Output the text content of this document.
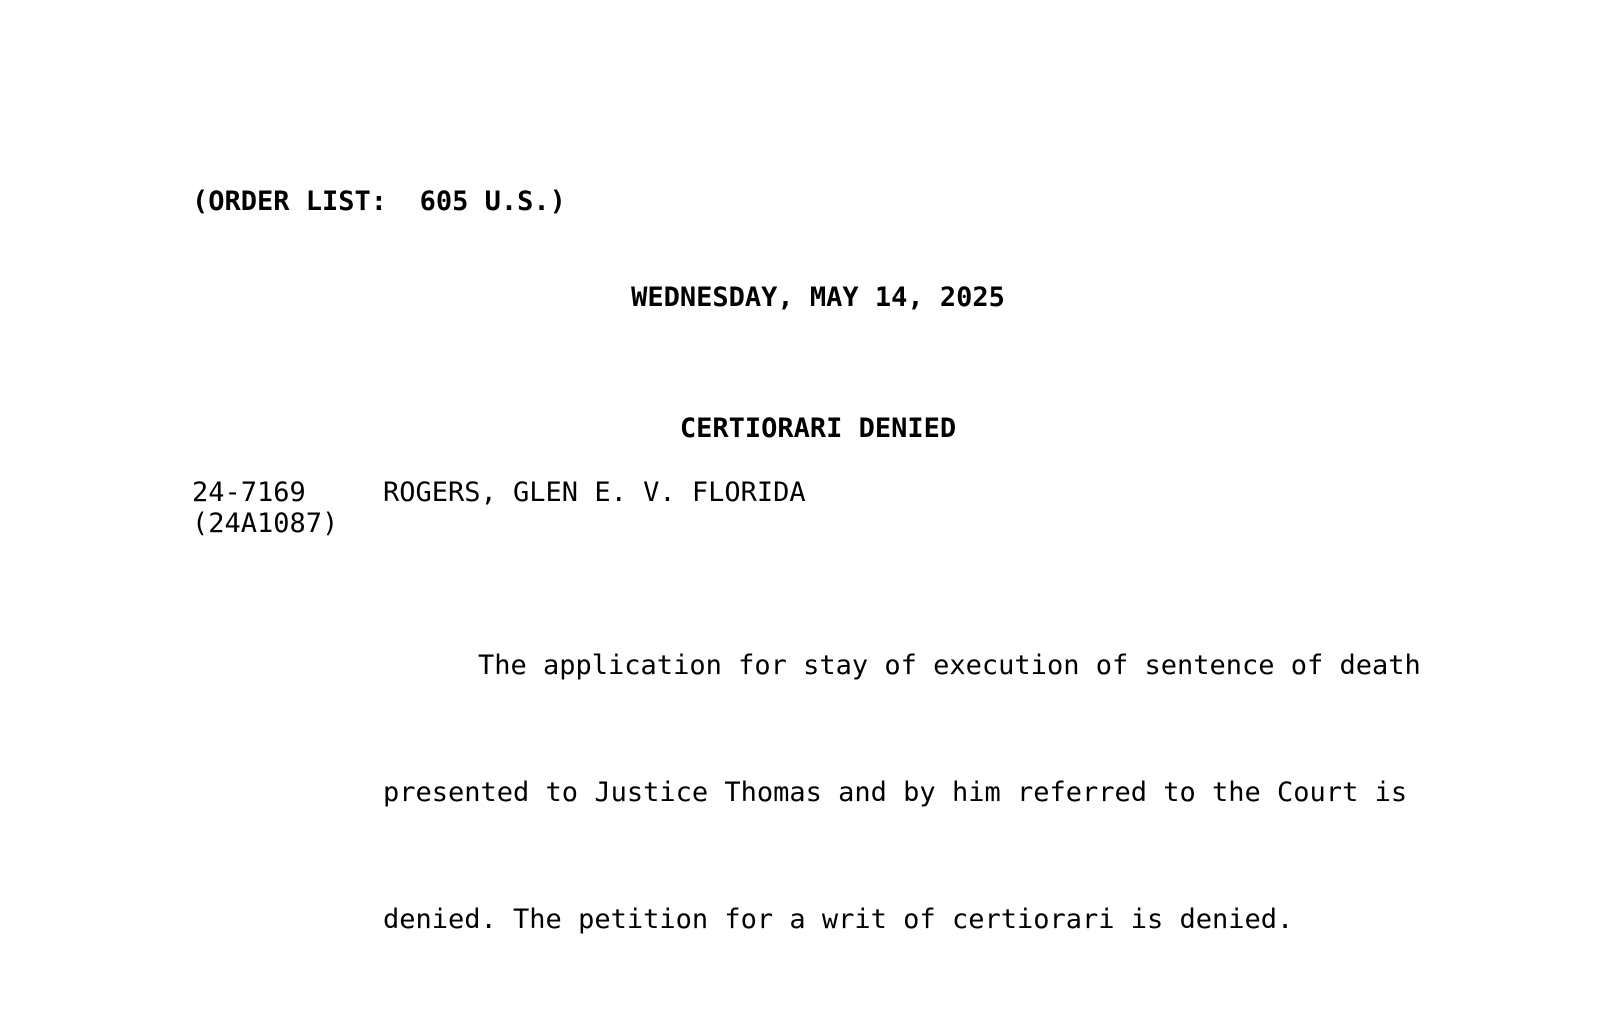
(ORDER LIST:  605 U.S.)
WEDNESDAY, MAY 14, 2025
CERTIORARI DENIED
24-7169
(24A1087)
ROGERS, GLEN E. V. FLORIDA

The application for stay of execution of sentence of death

presented to Justice Thomas and by him referred to the Court is

denied. The petition for a writ of certiorari is denied.
